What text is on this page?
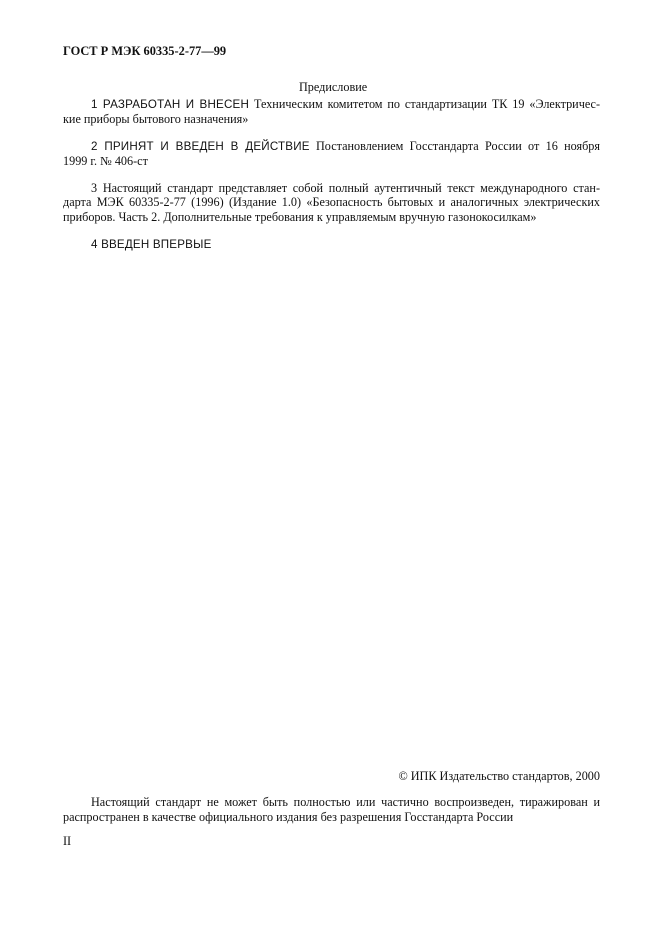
ГОСТ Р МЭК 60335-2-77—99
Предисловие
1 РАЗРАБОТАН И ВНЕСЕН Техническим комитетом по стандартизации ТК 19 «Электричес-
кие приборы бытового назначения»
2 ПРИНЯТ И ВВЕДЕН В ДЕЙСТВИЕ Постановлением Госстандарта России от 16 ноября
1999 г. № 406-ст
3 Настоящий стандарт представляет собой полный аутентичный текст международного стан-
дарта МЭК 60335-2-77 (1996) (Издание 1.0) «Безопасность бытовых и аналогичных электрических
приборов. Часть 2. Дополнительные требования к управляемым вручную газонокосилкам»
4 ВВЕДЕН ВПЕРВЫЕ
© ИПК Издательство стандартов, 2000
Настоящий стандарт не может быть полностью или частично воспроизведен, тиражирован и
распространен в качестве официального издания без разрешения Госстандарта России
II
